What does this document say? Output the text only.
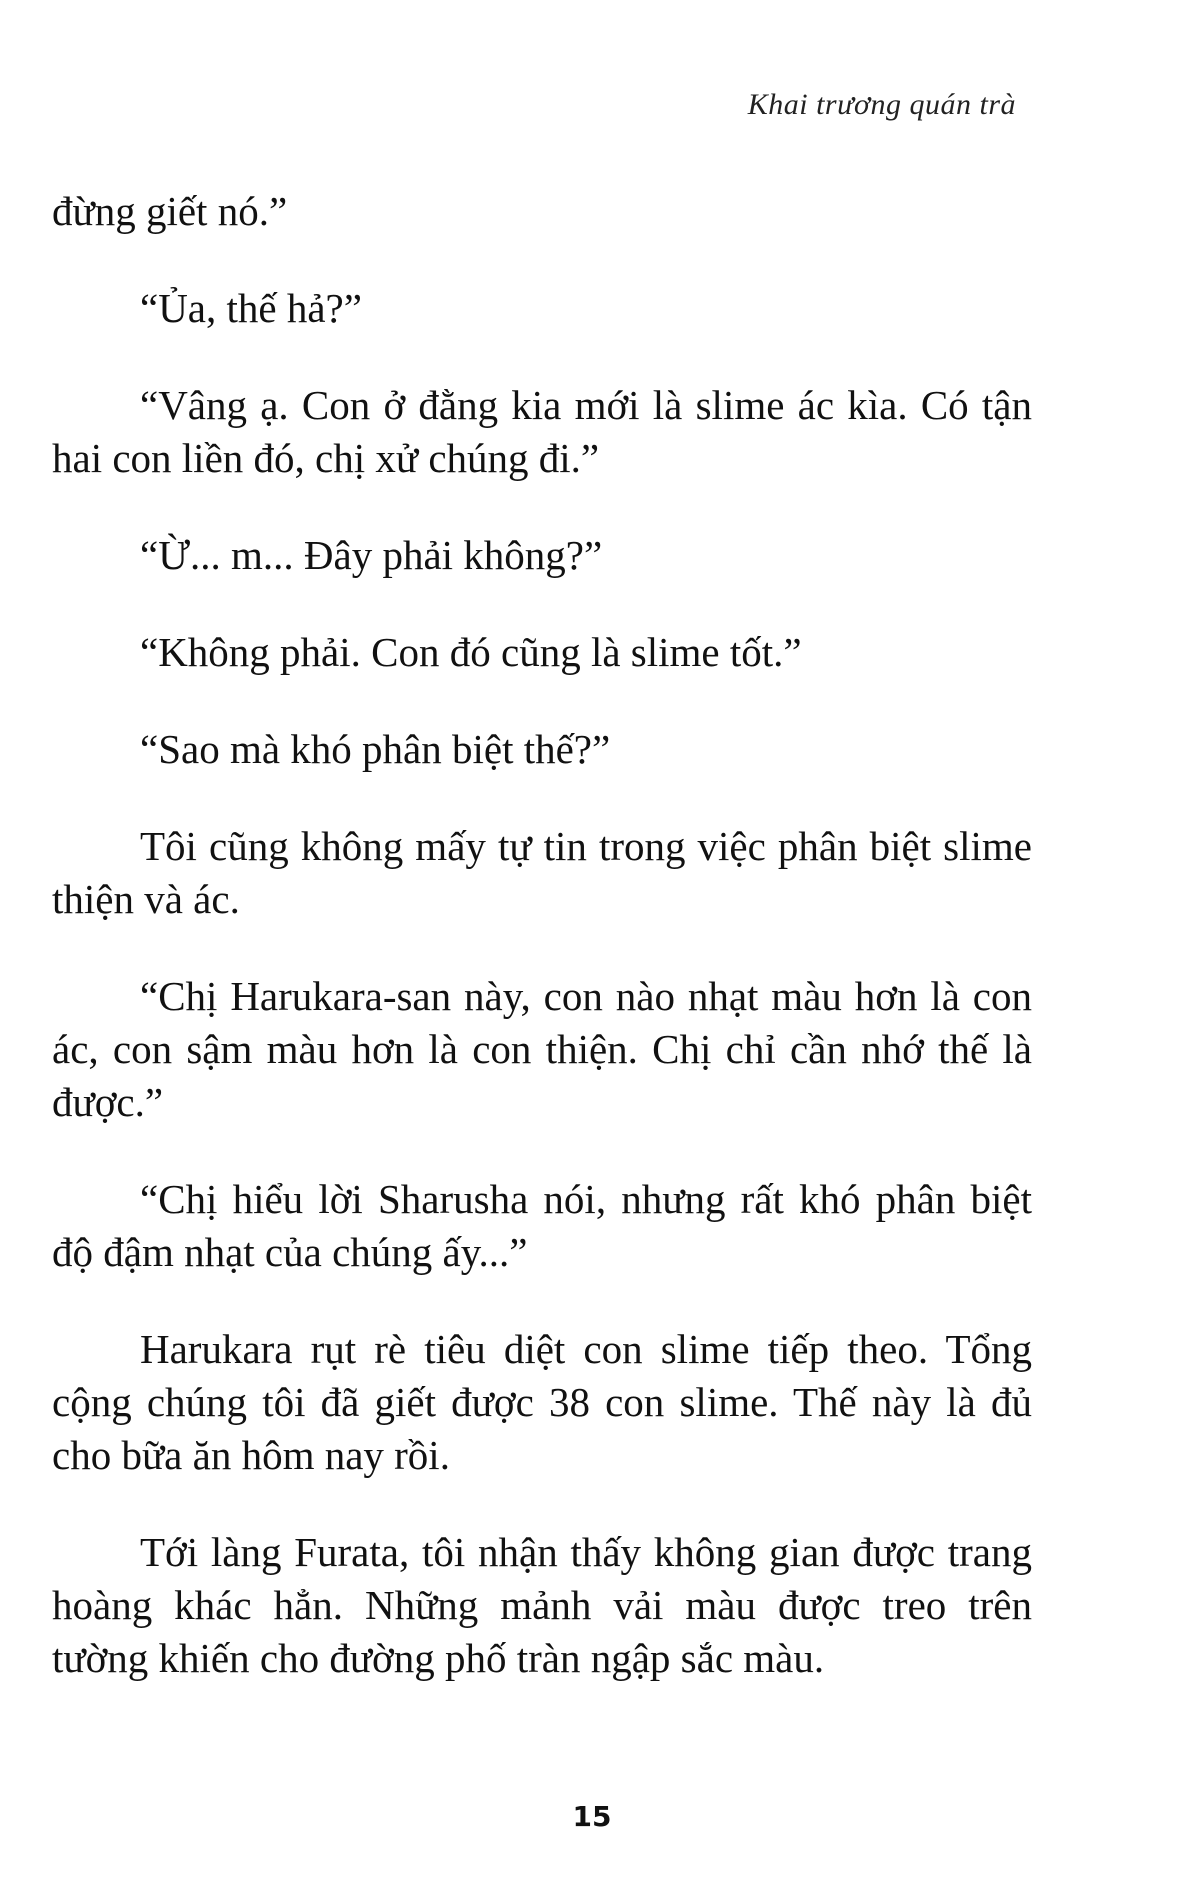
Khai trương quán trà

đừng giết nó.”

“Ủa, thế hả?”

“Vâng ạ. Con ở đằng kia mới là slime ác kìa. Có tận hai con liền đó, chị xử chúng đi.”

“Ừ... m... Đây phải không?”

“Không phải. Con đó cũng là slime tốt.”

“Sao mà khó phân biệt thế?”

Tôi cũng không mấy tự tin trong việc phân biệt slime thiện và ác.

“Chị Harukara-san này, con nào nhạt màu hơn là con ác, con sậm màu hơn là con thiện. Chị chỉ cần nhớ thế là được.”

“Chị hiểu lời Sharusha nói, nhưng rất khó phân biệt độ đậm nhạt của chúng ấy...”

Harukara rụt rè tiêu diệt con slime tiếp theo. Tổng cộng chúng tôi đã giết được 38 con slime. Thế này là đủ cho bữa ăn hôm nay rồi.

Tới làng Furata, tôi nhận thấy không gian được trang hoàng khác hẳn. Những mảnh vải màu được treo trên tường khiến cho đường phố tràn ngập sắc màu.

15
